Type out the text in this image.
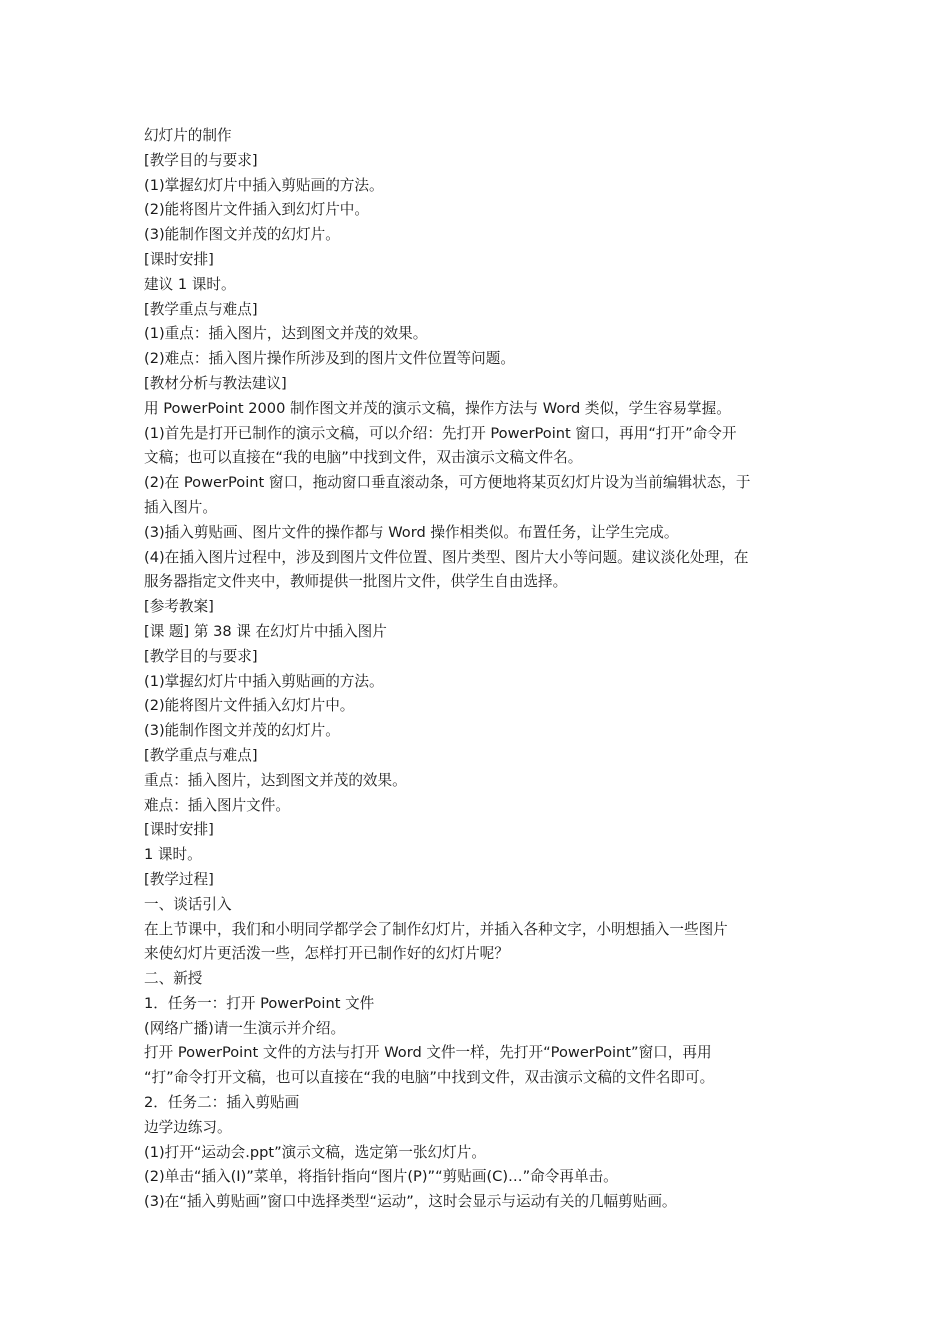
幻灯片的制作
[教学目的与要求]
(1)掌握幻灯片中插入剪贴画的方法。
(2)能将图片文件插入到幻灯片中。
(3)能制作图文并茂的幻灯片。
[课时安排]
建议 1 课时。
[教学重点与难点]
(1)重点：插入图片，达到图文并茂的效果。
(2)难点：插入图片操作所涉及到的图片文件位置等问题。
[教材分析与教法建议]
用 PowerPoint 2000 制作图文并茂的演示文稿，操作方法与 Word 类似，学生容易掌握。
(1)首先是打开已制作的演示文稿，可以介绍：先打开 PowerPoint 窗口，再用“打开”命令开
文稿；也可以直接在“我的电脑”中找到文件，双击演示文稿文件名。
(2)在 PowerPoint 窗口，拖动窗口垂直滚动条，可方便地将某页幻灯片设为当前编辑状态，于
插入图片。
(3)插入剪贴画、图片文件的操作都与 Word 操作相类似。布置任务，让学生完成。
(4)在插入图片过程中，涉及到图片文件位置、图片类型、图片大小等问题。建议淡化处理，在
服务器指定文件夹中，教师提供一批图片文件，供学生自由选择。
[参考教案]
[课 题] 第 38 课 在幻灯片中插入图片
[教学目的与要求]
(1)掌握幻灯片中插入剪贴画的方法。
(2)能将图片文件插入幻灯片中。
(3)能制作图文并茂的幻灯片。
[教学重点与难点]
重点：插入图片，达到图文并茂的效果。
难点：插入图片文件。
[课时安排]
1 课时。
[教学过程]
一、谈话引入
在上节课中，我们和小明同学都学会了制作幻灯片，并插入各种文字，小明想插入一些图片
来使幻灯片更活泼一些，怎样打开已制作好的幻灯片呢？
二、新授
1．任务一：打开 PowerPoint 文件
(网络广播)请一生演示并介绍。
打开 PowerPoint 文件的方法与打开 Word 文件一样，先打开“PowerPoint”窗口，再用
“打”命令打开文稿，也可以直接在“我的电脑”中找到文件，双击演示文稿的文件名即可。
2．任务二：插入剪贴画
边学边练习。
(1)打开“运动会.ppt”演示文稿，选定第一张幻灯片。
(2)单击“插入(I)”菜单，将指针指向“图片(P)”“剪贴画(C)…”命令再单击。
(3)在“插入剪贴画”窗口中选择类型“运动”，这时会显示与运动有关的几幅剪贴画。
